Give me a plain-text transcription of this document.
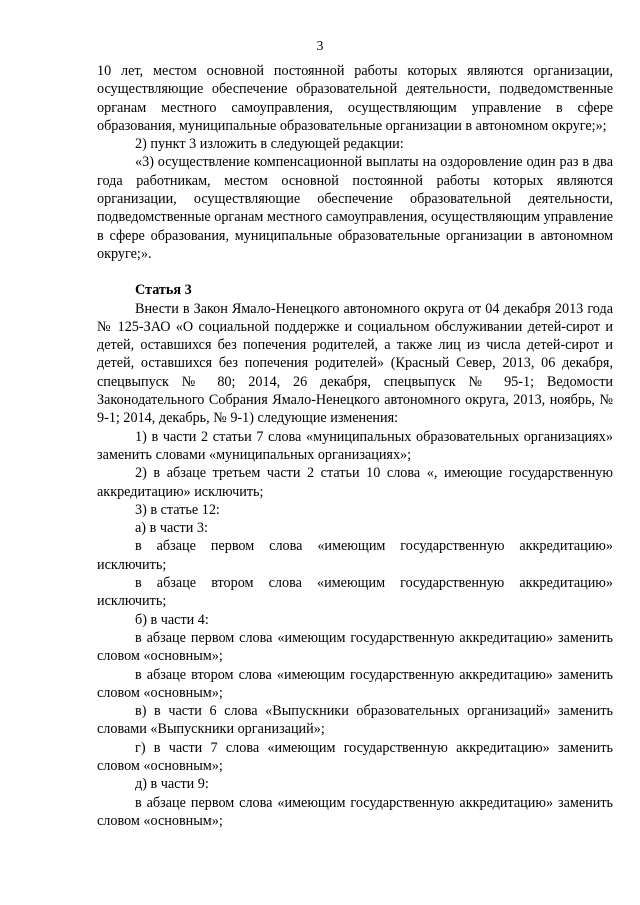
3

10 лет, местом основной постоянной работы которых являются организации, осуществляющие обеспечение образовательной деятельности, подведомственные органам местного самоуправления, осуществляющим управление в сфере образования, муниципальные образовательные организации в автономном округе;»;

2) пункт 3 изложить в следующей редакции:

«3) осуществление компенсационной выплаты на оздоровление один раз в два года работникам, местом основной постоянной работы которых являются организации, осуществляющие обеспечение образовательной деятельности, подведомственные органам местного самоуправления, осуществляющим управление в сфере образования, муниципальные образовательные организации в автономном округе;».

Статья 3

Внести в Закон Ямало-Ненецкого автономного округа от 04 декабря 2013 года № 125-ЗАО «О социальной поддержке и социальном обслуживании детей-сирот и детей, оставшихся без попечения родителей, а также лиц из числа детей-сирот и детей, оставшихся без попечения родителей» (Красный Север, 2013, 06 декабря, спецвыпуск № 80; 2014, 26 декабря, спецвыпуск № 95-1; Ведомости Законодательного Собрания Ямало-Ненецкого автономного округа, 2013, ноябрь, № 9-1; 2014, декабрь, № 9-1) следующие изменения:

1) в части 2 статьи 7 слова «муниципальных образовательных организациях» заменить словами «муниципальных организациях»;

2) в абзаце третьем части 2 статьи 10 слова «, имеющие государственную аккредитацию» исключить;

3) в статье 12:

а) в части 3:

в абзаце первом слова «имеющим государственную аккредитацию» исключить;

в абзаце втором слова «имеющим государственную аккредитацию» исключить;

б) в части 4:

в абзаце первом слова «имеющим государственную аккредитацию» заменить словом «основным»;

в абзаце втором слова «имеющим государственную аккредитацию» заменить словом «основным»;

в) в части 6 слова «Выпускники образовательных организаций» заменить словами «Выпускники организаций»;

г) в части 7 слова «имеющим государственную аккредитацию» заменить словом «основным»;

д) в части 9:

в абзаце первом слова «имеющим государственную аккредитацию» заменить словом «основным»;
